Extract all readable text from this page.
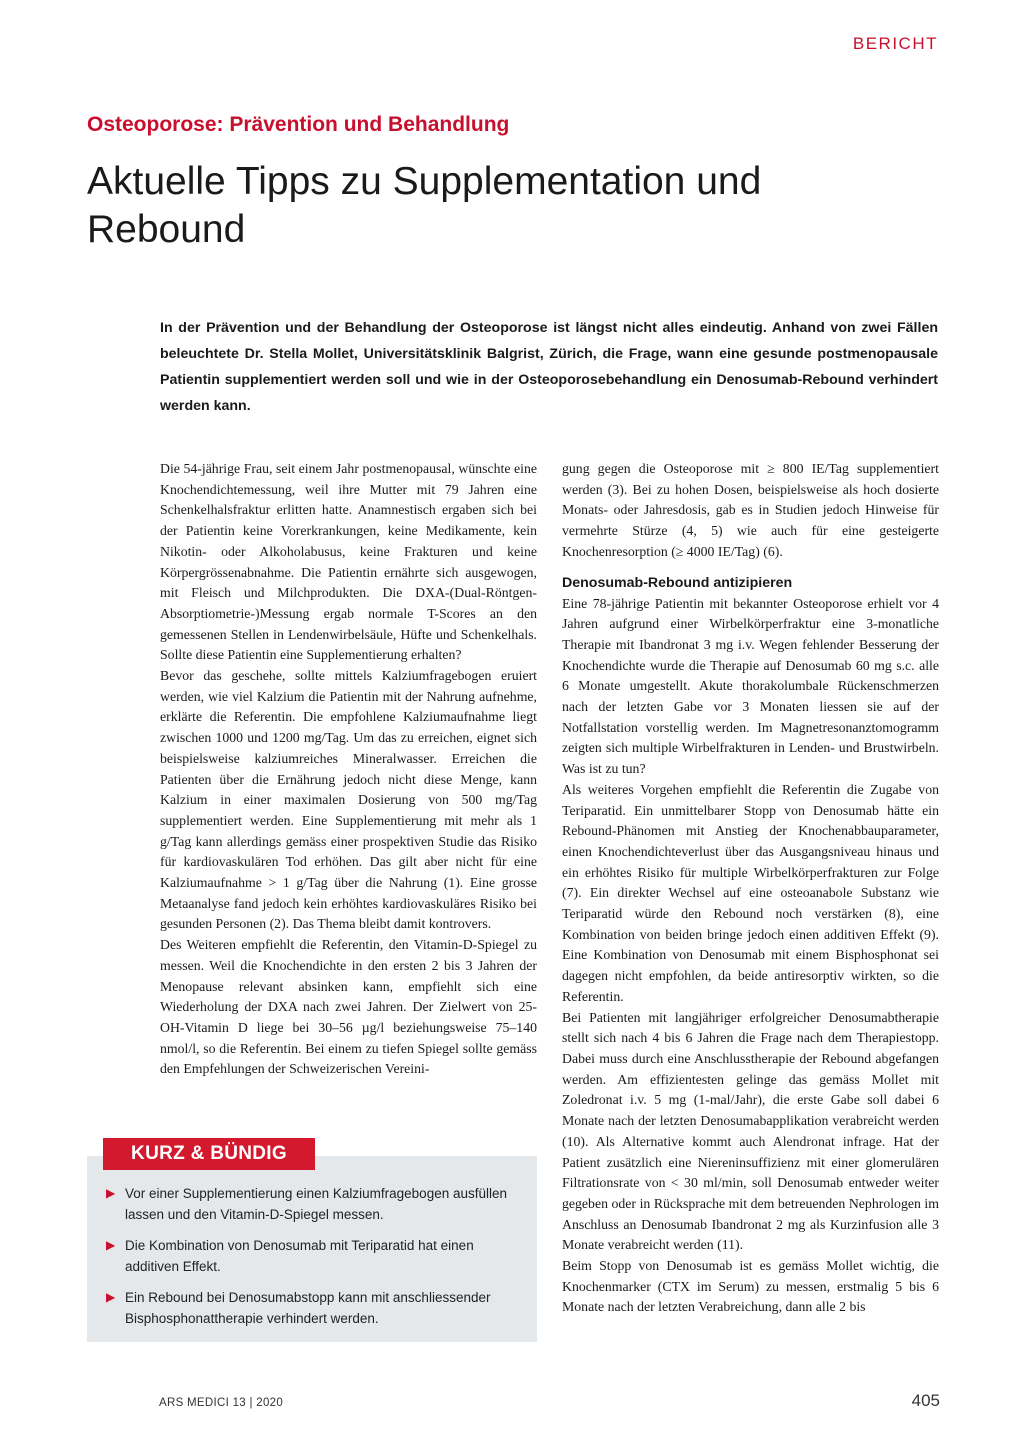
BERICHT
Osteoporose: Prävention und Behandlung
Aktuelle Tipps zu Supplementation und Rebound

In der Prävention und der Behandlung der Osteoporose ist längst nicht alles eindeutig. Anhand von zwei Fällen beleuchtete Dr. Stella Mollet, Universitätsklinik Balgrist, Zürich, die Frage, wann eine gesunde postmenopausale Patientin supplementiert werden soll und wie in der Osteoporosebehandlung ein Denosumab-Rebound verhindert werden kann.

Die 54-jährige Frau, seit einem Jahr postmenopausal, wünschte eine Knochendichtemessung, weil ihre Mutter mit 79 Jahren eine Schenkelhalsfraktur erlitten hatte. Anamnestisch ergaben sich bei der Patientin keine Vorerkrankungen, keine Medikamente, kein Nikotin- oder Alkoholabusus, keine Frakturen und keine Körpergrössenabnahme. Die Patientin ernährte sich ausgewogen, mit Fleisch und Milchprodukten. Die DXA-(Dual-Röntgen-Absorptiometrie-)Messung ergab normale T-Scores an den gemessenen Stellen in Lendenwirbelsäule, Hüfte und Schenkelhals. Sollte diese Patientin eine Supplementierung erhalten?

Bevor das geschehe, sollte mittels Kalziumfragebogen eruiert werden, wie viel Kalzium die Patientin mit der Nahrung aufnehme, erklärte die Referentin. Die empfohlene Kalziumaufnahme liegt zwischen 1000 und 1200 mg/Tag. Um das zu erreichen, eignet sich beispielsweise kalziumreiches Mineralwasser. Erreichen die Patienten über die Ernährung jedoch nicht diese Menge, kann Kalzium in einer maximalen Dosierung von 500 mg/Tag supplementiert werden. Eine Supplementierung mit mehr als 1 g/Tag kann allerdings gemäss einer prospektiven Studie das Risiko für kardiovaskulären Tod erhöhen. Das gilt aber nicht für eine Kalziumaufnahme > 1 g/Tag über die Nahrung (1). Eine grosse Metaanalyse fand jedoch kein erhöhtes kardiovaskuläres Risiko bei gesunden Personen (2). Das Thema bleibt damit kontrovers.

Des Weiteren empfiehlt die Referentin, den Vitamin-D-Spiegel zu messen. Weil die Knochendichte in den ersten 2 bis 3 Jahren der Menopause relevant absinken kann, empfiehlt sich eine Wiederholung der DXA nach zwei Jahren. Der Zielwert von 25-OH-Vitamin D liege bei 30–56 µg/l beziehungsweise 75–140 nmol/l, so die Referentin. Bei einem zu tiefen Spiegel sollte gemäss den Empfehlungen der Schweizerischen Vereini-

gung gegen die Osteoporose mit ≥ 800 IE/Tag supplementiert werden (3). Bei zu hohen Dosen, beispielsweise als hoch dosierte Monats- oder Jahresdosis, gab es in Studien jedoch Hinweise für vermehrte Stürze (4, 5) wie auch für eine gesteigerte Knochenresorption (≥ 4000 IE/Tag) (6).

Denosumab-Rebound antizipieren

Eine 78-jährige Patientin mit bekannter Osteoporose erhielt vor 4 Jahren aufgrund einer Wirbelkörperfraktur eine 3-monatliche Therapie mit Ibandronat 3 mg i.v. Wegen fehlender Besserung der Knochendichte wurde die Therapie auf Denosumab 60 mg s.c. alle 6 Monate umgestellt. Akute thorakolumbale Rückenschmerzen nach der letzten Gabe vor 3 Monaten liessen sie auf der Notfallstation vorstellig werden. Im Magnetresonanztomogramm zeigten sich multiple Wirbelfrakturen in Lenden- und Brustwirbeln. Was ist zu tun?

Als weiteres Vorgehen empfiehlt die Referentin die Zugabe von Teriparatid. Ein unmittelbarer Stopp von Denosumab hätte ein Rebound-Phänomen mit Anstieg der Knochenabbauparameter, einen Knochendichteverlust über das Ausgangsniveau hinaus und ein erhöhtes Risiko für multiple Wirbelkörperfrakturen zur Folge (7). Ein direkter Wechsel auf eine osteoanabole Substanz wie Teriparatid würde den Rebound noch verstärken (8), eine Kombination von beiden bringe jedoch einen additiven Effekt (9). Eine Kombination von Denosumab mit einem Bisphosphonat sei dagegen nicht empfohlen, da beide antiresorptiv wirkten, so die Referentin.

Bei Patienten mit langjähriger erfolgreicher Denosumabtherapie stellt sich nach 4 bis 6 Jahren die Frage nach dem Therapiestopp. Dabei muss durch eine Anschlusstherapie der Rebound abgefangen werden. Am effizientesten gelinge das gemäss Mollet mit Zoledronat i.v. 5 mg (1-mal/Jahr), die erste Gabe soll dabei 6 Monate nach der letzten Denosumabapplikation verabreicht werden (10). Als Alternative kommt auch Alendronat infrage. Hat der Patient zusätzlich eine Niereninsuffizienz mit einer glomerulären Filtrationsrate von < 30 ml/min, soll Denosumab entweder weiter gegeben oder in Rücksprache mit dem betreuenden Nephrologen im Anschluss an Denosumab Ibandronat 2 mg als Kurzinfusion alle 3 Monate verabreicht werden (11).

Beim Stopp von Denosumab ist es gemäss Mollet wichtig, die Knochenmarker (CTX im Serum) zu messen, erstmalig 5 bis 6 Monate nach der letzten Verabreichung, dann alle 2 bis

KURZ & BÜNDIG
▶ Vor einer Supplementierung einen Kalziumfragebogen ausfüllen lassen und den Vitamin-D-Spiegel messen.
▶ Die Kombination von Denosumab mit Teriparatid hat einen additiven Effekt.
▶ Ein Rebound bei Denosumabstopp kann mit anschliessender Bisphosphonattherapie verhindert werden.
ARS MEDICI 13 | 2020	405
